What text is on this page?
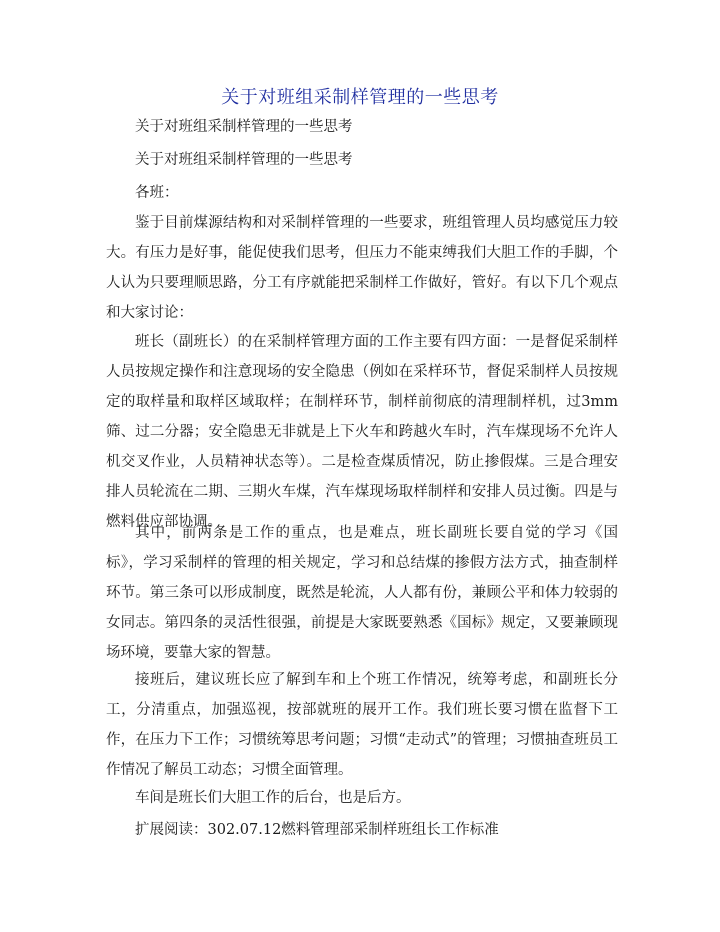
关于对班组采制样管理的一些思考
关于对班组采制样管理的一些思考
关于对班组采制样管理的一些思考
各班：

鉴于目前煤源结构和对采制样管理的一些要求，班组管理人员均感觉压力较大。有压力是好事，能促使我们思考，但压力不能束缚我们大胆工作的手脚，个人认为只要理顺思路，分工有序就能把采制样工作做好，管好。有以下几个观点和大家讨论：

班长（副班长）的在采制样管理方面的工作主要有四方面：一是督促采制样人员按规定操作和注意现场的安全隐患（例如在采样环节，督促采制样人员按规定的取样量和取样区域取样；在制样环节，制样前彻底的清理制样机，过3mm筛、过二分器；安全隐患无非就是上下火车和跨越火车时，汽车煤现场不允许人机交叉作业，人员精神状态等）。二是检查煤质情况，防止掺假煤。三是合理安排人员轮流在二期、三期火车煤，汽车煤现场取样制样和安排人员过衡。四是与燃料供应部协调。

其中，前两条是工作的重点，也是难点，班长副班长要自觉的学习《国标》，学习采制样的管理的相关规定，学习和总结煤的掺假方法方式，抽查制样环节。第三条可以形成制度，既然是轮流，人人都有份，兼顾公平和体力较弱的女同志。第四条的灵活性很强，前提是大家既要熟悉《国标》规定，又要兼顾现场环境，要靠大家的智慧。

接班后，建议班长应了解到车和上个班工作情况，统筹考虑，和副班长分工，分清重点，加强巡视，按部就班的展开工作。我们班长要习惯在监督下工作，在压力下工作；习惯统筹思考问题；习惯“走动式”的管理；习惯抽查班员工作情况了解员工动态；习惯全面管理。

车间是班长们大胆工作的后台，也是后方。

扩展阅读：302.07.12燃料管理部采制样班组长工作标准
